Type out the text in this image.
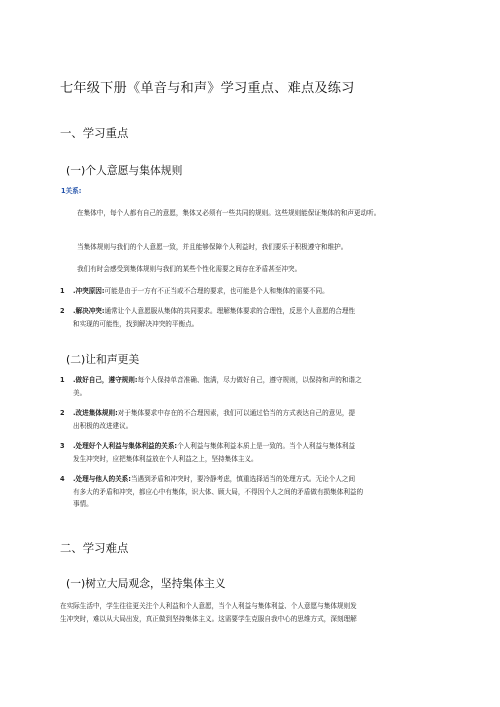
七年级下册《单音与和声》学习重点、难点及练习
一、学习重点
(一)个人意愿与集体规则
1关系:
在集体中，每个人都有自己的意愿，集体又必须有一些共同的规则。这些规则能保证集体的和声更动听。
当集体规则与我们的个人意愿一致，并且能够保障个人利益时，我们要乐于积极遵守和维护。
我们有时会感受到集体规则与我们的某些个性化需要之间存在矛盾甚至冲突。
1 .冲突原因:可能是由于一方有不正当或不合理的要求，也可能是个人和集体的需要不同。
2 .解决冲突:通常让个人意愿服从集体的共同要求。理解集体要求的合理性，反思个人意愿的合理性
和实现的可能性，找到解决冲突的平衡点。
(二)让和声更美
1 .做好自己，遵守规则:每个人保持单音准确、饱满，尽力做好自己，遵守规则，以保持和声的和谐之
美。
2 .改进集体规则:对于集体要求中存在的不合理因素，我们可以通过恰当的方式表达自己的意见，提
出积极的改进建议。
3 .处理好个人利益与集体利益的关系:个人利益与集体利益本质上是一致的。当个人利益与集体利益
发生冲突时，应把集体利益放在个人利益之上，坚持集体主义。
4 .处理与他人的关系:当遇到矛盾和冲突时，要冷静考虑，慎重选择适当的处理方式。无论个人之间
有多大的矛盾和冲突，都应心中有集体，识大体、顾大局，不得因个人之间的矛盾做有损集体利益的
事情。
二、学习难点
(一)树立大局观念，坚持集体主义
在实际生活中，学生往往更关注个人利益和个人意愿，当个人利益与集体利益、个人意愿与集体规则发
生冲突时，难以从大局出发，真正做到坚持集体主义。这需要学生克服自我中心的思维方式，深刻理解
